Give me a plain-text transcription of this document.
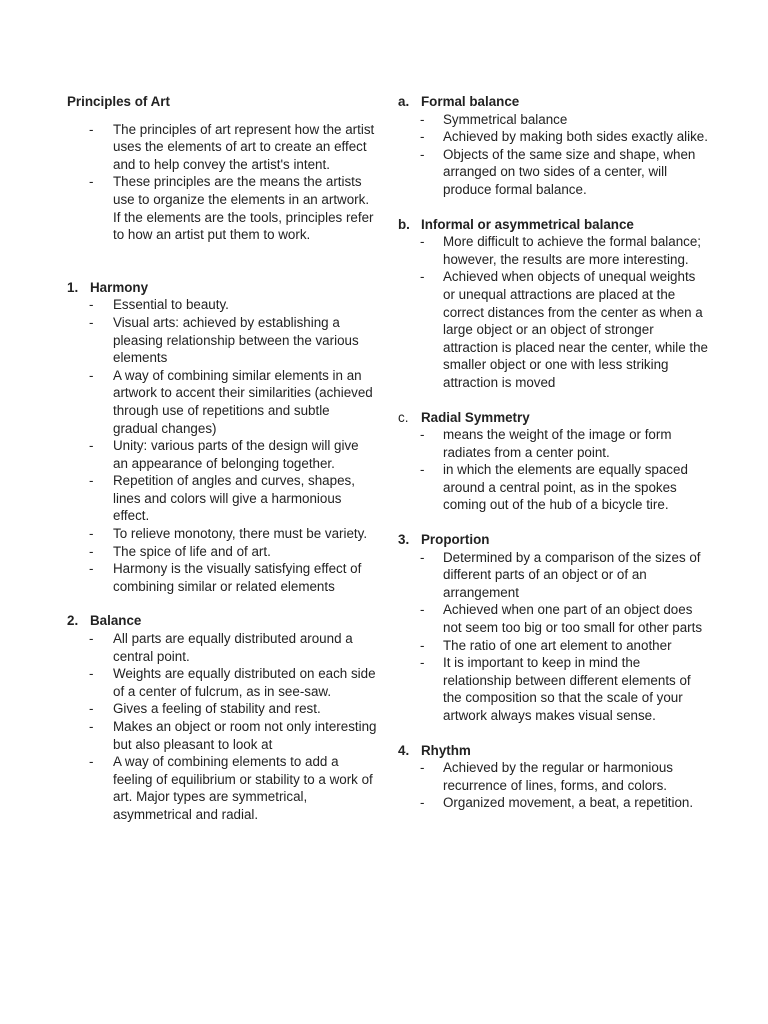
Principles of Art
- The principles of art represent how the artist uses the elements of art to create an effect and to help convey the artist's intent.
- These principles are the means the artists use to organize the elements in an artwork. If the elements are the tools, principles refer to how an artist put them to work.
1. Harmony
- Essential to beauty.
- Visual arts: achieved by establishing a pleasing relationship between the various elements
- A way of combining similar elements in an artwork to accent their similarities (achieved through use of repetitions and subtle gradual changes)
- Unity: various parts of the design will give an appearance of belonging together.
- Repetition of angles and curves, shapes, lines and colors will give a harmonious effect.
- To relieve monotony, there must be variety.
- The spice of life and of art.
- Harmony is the visually satisfying effect of combining similar or related elements
2. Balance
- All parts are equally distributed around a central point.
- Weights are equally distributed on each side of a center of fulcrum, as in see-saw.
- Gives a feeling of stability and rest.
- Makes an object or room not only interesting but also pleasant to look at
- A way of combining elements to add a feeling of equilibrium or stability to a work of art. Major types are symmetrical, asymmetrical and radial.
a. Formal balance
- Symmetrical balance
- Achieved by making both sides exactly alike.
- Objects of the same size and shape, when arranged on two sides of a center, will produce formal balance.
b. Informal or asymmetrical balance
- More difficult to achieve the formal balance; however, the results are more interesting.
- Achieved when objects of unequal weights or unequal attractions are placed at the correct distances from the center as when a large object or an object of stronger attraction is placed near the center, while the smaller object or one with less striking attraction is moved
c. Radial Symmetry
- means the weight of the image or form radiates from a center point.
- in which the elements are equally spaced around a central point, as in the spokes coming out of the hub of a bicycle tire.
3. Proportion
- Determined by a comparison of the sizes of different parts of an object or of an arrangement
- Achieved when one part of an object does not seem too big or too small for other parts
- The ratio of one art element to another
- It is important to keep in mind the relationship between different elements of the composition so that the scale of your artwork always makes visual sense.
4. Rhythm
- Achieved by the regular or harmonious recurrence of lines, forms, and colors.
- Organized movement, a beat, a repetition.
